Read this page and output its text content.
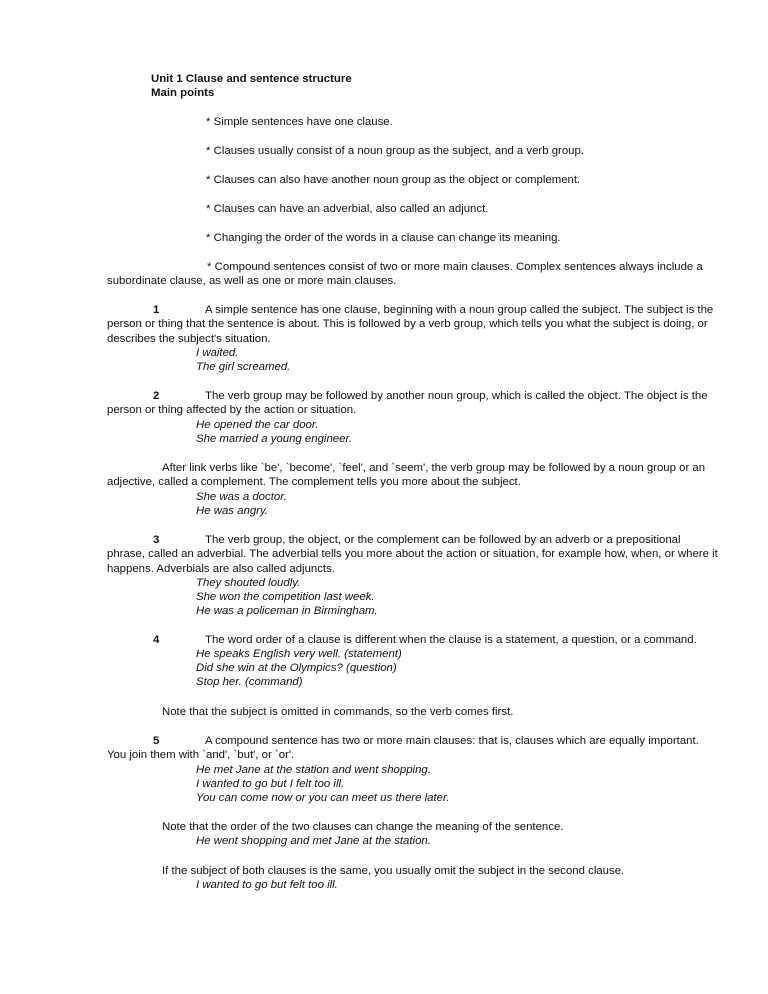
Unit 1 Clause and sentence structure
Main points
* Simple sentences have one clause.
* Clauses usually consist of a noun group as the subject, and a verb group.
* Clauses can also have another noun group as the object or complement.
* Clauses can have an adverbial, also called an adjunct.
* Changing the order of the words in a clause can change its meaning.
* Compound sentences consist of two or more main clauses. Complex sentences always include a subordinate clause, as well as one or more main clauses.
1	A simple sentence has one clause, beginning with a noun group called the subject. The subject is the person or thing that the sentence is about. This is followed by a verb group, which tells you what the subject is doing, or describes the subject's situation.
I waited.
The girl screamed.
2	The verb group may be followed by another noun group, which is called the object. The object is the person or thing affected by the action or situation.
He opened the car door.
She married a young engineer.
After link verbs like `be', `become', `feel', and `seem', the verb group may be followed by a noun group or an adjective, called a complement. The complement tells you more about the subject.
She was a doctor.
He was angry.
3	The verb group, the object, or the complement can be followed by an adverb or a prepositional phrase, called an adverbial. The adverbial tells you more about the action or situation, for example how, when, or where it happens. Adverbials are also called adjuncts.
They shouted loudly.
She won the competition last week.
He was a policeman in Birmingham.
4	The word order of a clause is different when the clause is a statement, a question, or a command.
He speaks English very well. (statement)
Did she win at the Olympics? (question)
Stop her. (command)
Note that the subject is omitted in commands, so the verb comes first.
5	A compound sentence has two or more main clauses: that is, clauses which are equally important. You join them with `and', `but', or `or'.
He met Jane at the station and went shopping.
I wanted to go but I felt too ill.
You can come now or you can meet us there later.
Note that the order of the two clauses can change the meaning of the sentence.
He went shopping and met Jane at the station.
If the subject of both clauses is the same, you usually omit the subject in the second clause.
I wanted to go but felt too ill.
